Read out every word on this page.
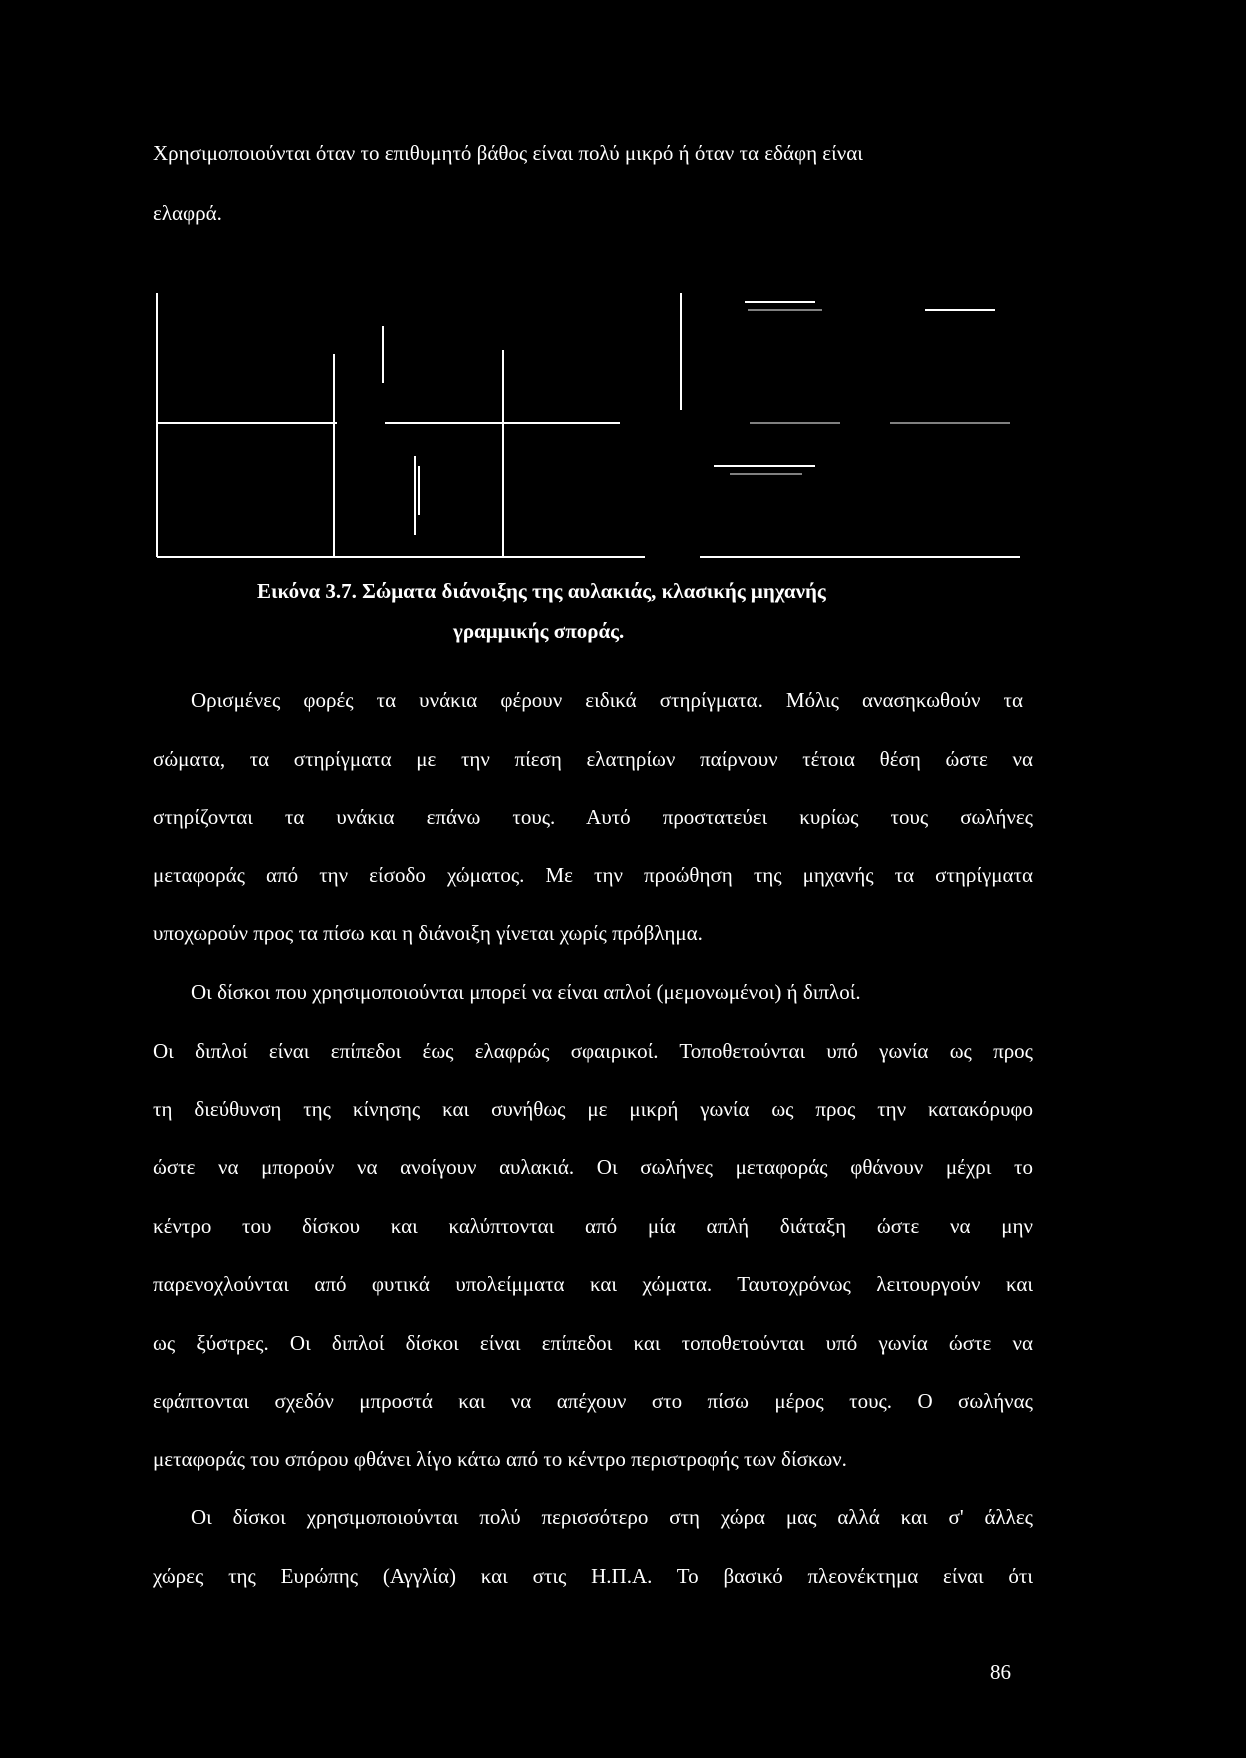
Χρησιμοποιούνται όταν το επιθυμητό βάθος είναι πολύ μικρό ή όταν τα εδάφη είναι
ελαφρά.
Εικόνα 3.7. Σώματα διάνοιξης της αυλακιάς, κλασικής μηχανής
γραμμικής σποράς.
Ορισμένες φορές τα υνάκια φέρουν ειδικά στηρίγματα. Μόλις ανασηκωθούν τα
σώματα, τα στηρίγματα με την πίεση ελατηρίων παίρνουν τέτοια θέση ώστε να
στηρίζονται τα υνάκια επάνω τους. Αυτό προστατεύει κυρίως τους σωλήνες
μεταφοράς από την είσοδο χώματος. Με την προώθηση της μηχανής τα στηρίγματα
υποχωρούν προς τα πίσω και η διάνοιξη γίνεται χωρίς πρόβλημα.
Οι δίσκοι που χρησιμοποιούνται μπορεί να είναι απλοί (μεμονωμένοι) ή διπλοί.
Οι διπλοί είναι επίπεδοι έως ελαφρώς σφαιρικοί. Τοποθετούνται υπό γωνία ως προς
τη διεύθυνση της κίνησης και συνήθως με μικρή γωνία ως προς την κατακόρυφο
ώστε να μπορούν να ανοίγουν αυλακιά. Οι σωλήνες μεταφοράς φθάνουν μέχρι το
κέντρο του δίσκου και καλύπτονται από μία απλή διάταξη ώστε να μην
παρενοχλούνται από φυτικά υπολείμματα και χώματα. Ταυτοχρόνως λειτουργούν και
ως ξύστρες. Οι διπλοί δίσκοι είναι επίπεδοι και τοποθετούνται υπό γωνία ώστε να
εφάπτονται σχεδόν μπροστά και να απέχουν στο πίσω μέρος τους. Ο σωλήνας
μεταφοράς του σπόρου φθάνει λίγο κάτω από το κέντρο περιστροφής των δίσκων.
Οι δίσκοι χρησιμοποιούνται πολύ περισσότερο στη χώρα μας αλλά και σ' άλλες
χώρες της Ευρώπης (Αγγλία) και στις Η.Π.Α. Το βασικό πλεονέκτημα είναι ότι
86
